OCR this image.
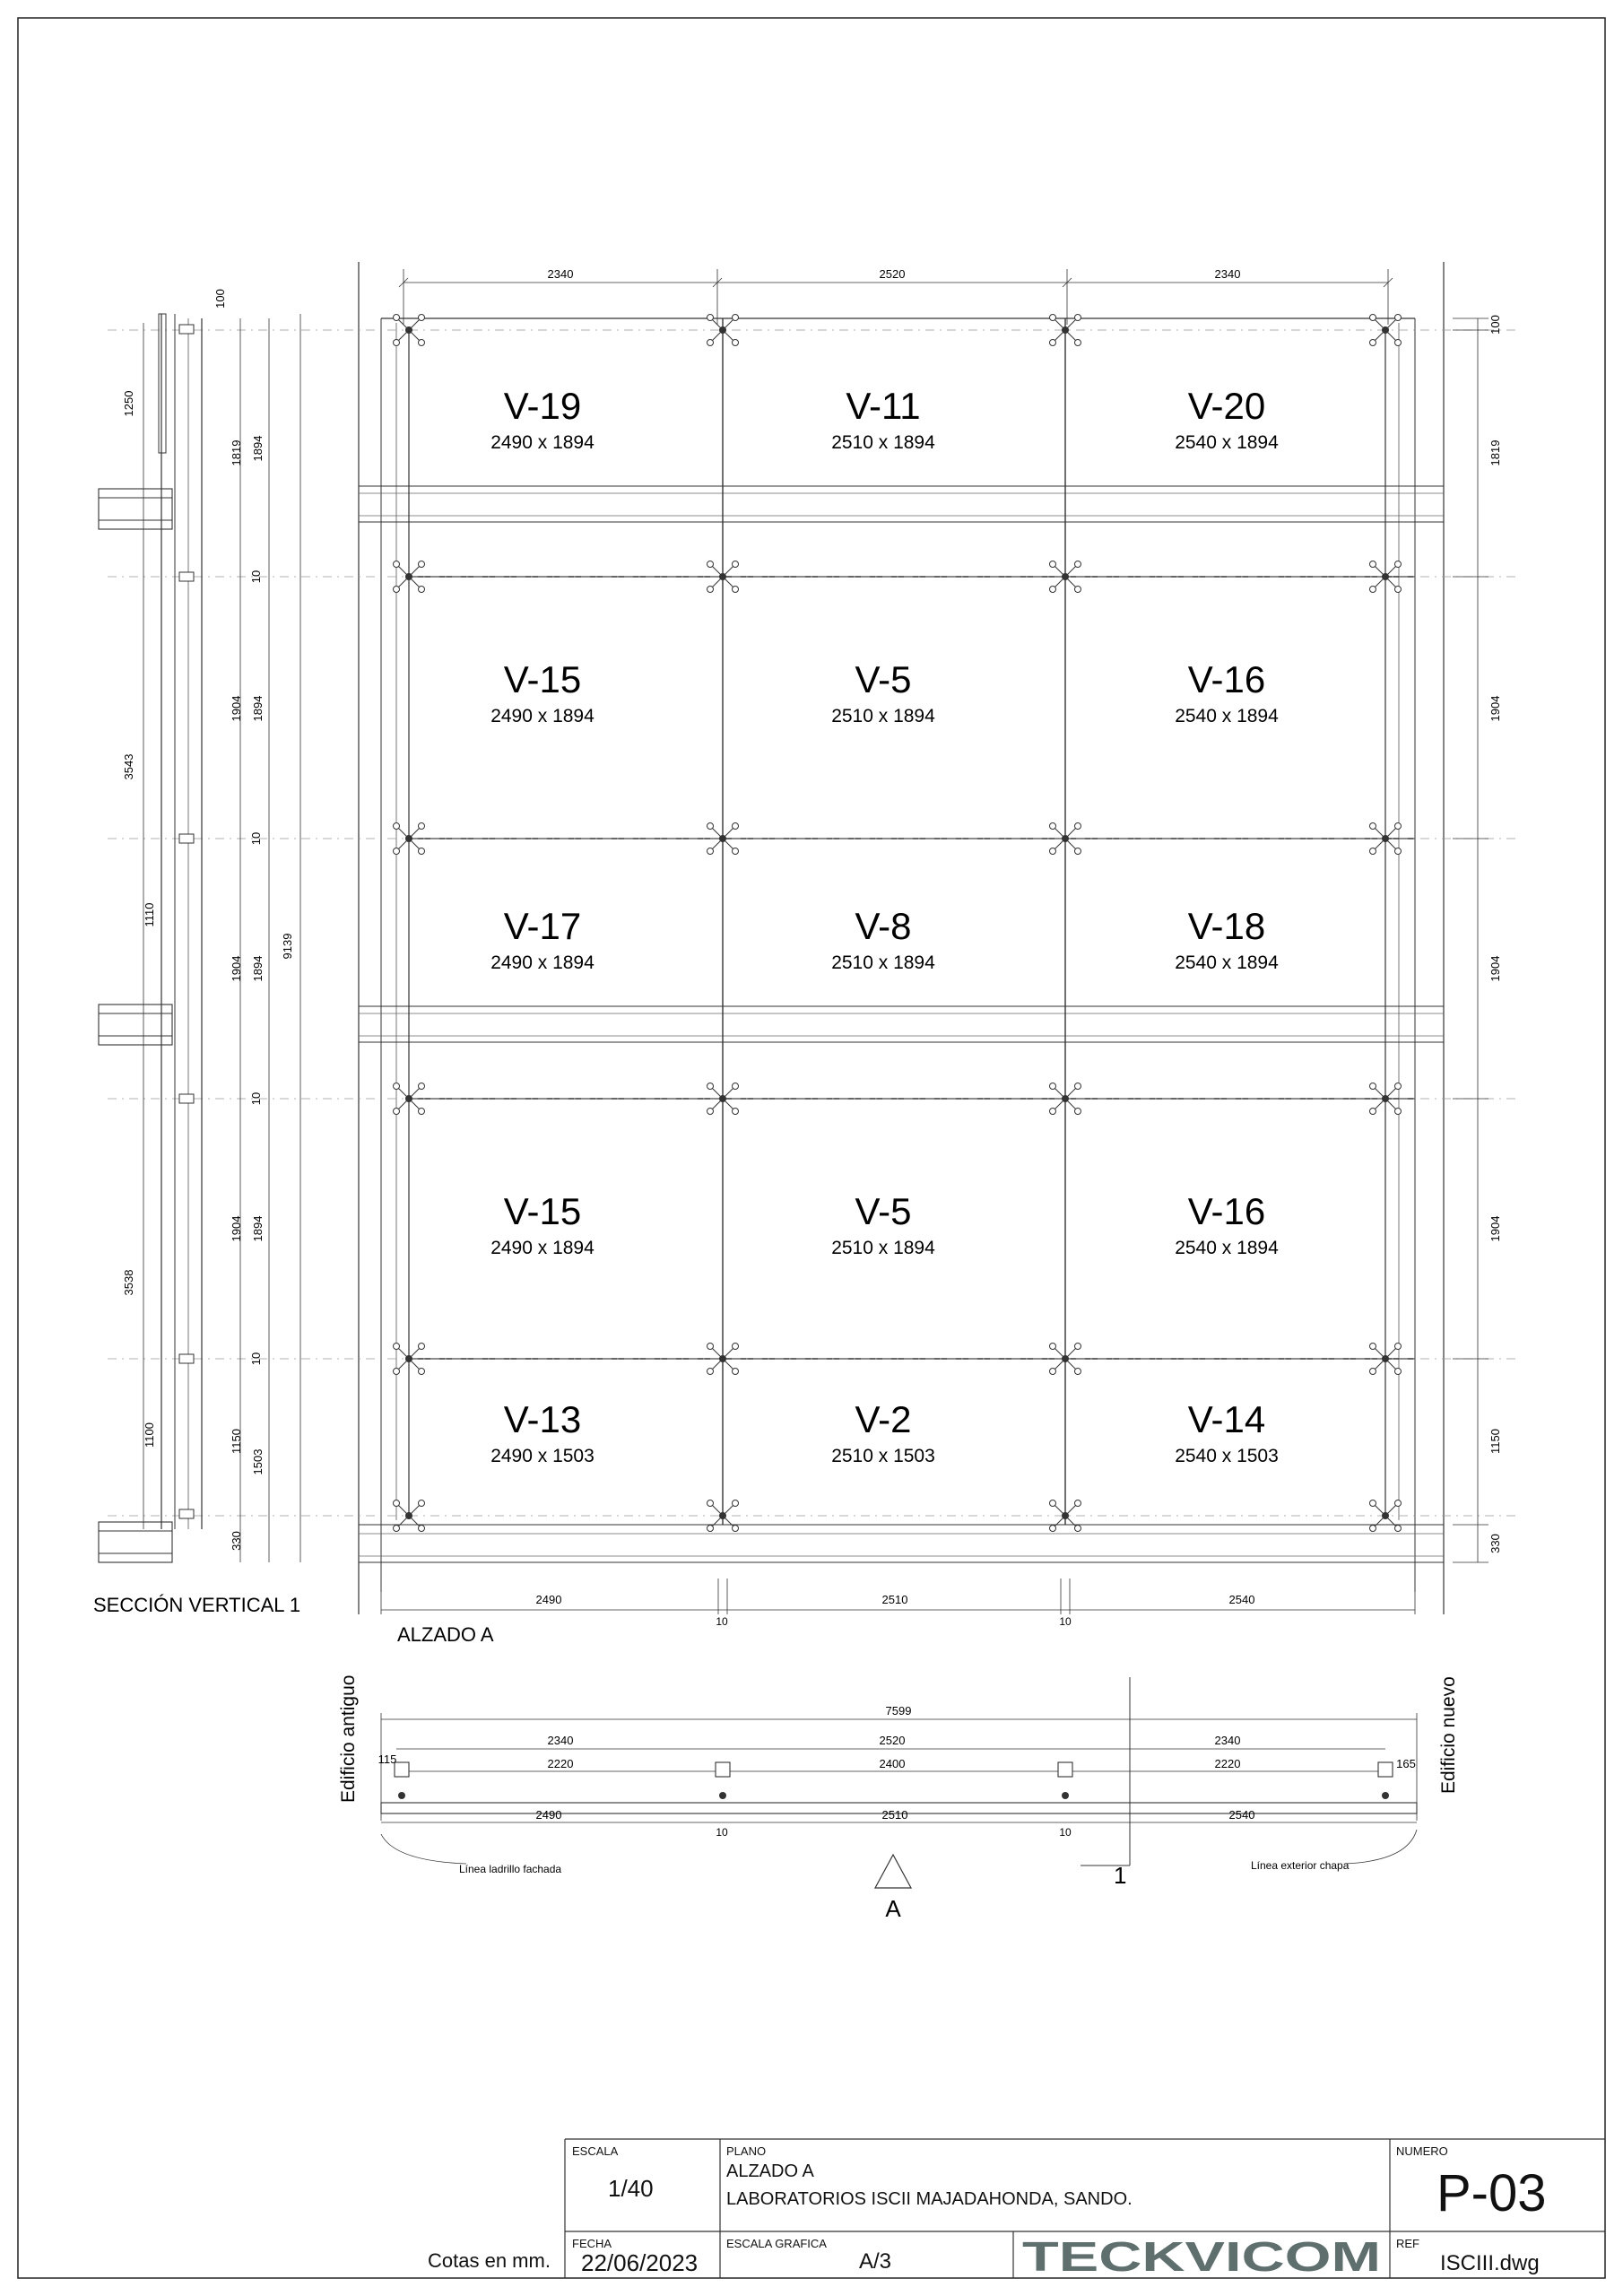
V-19
2490 x 1894
V-11
2510 x 1894
V-20
2540 x 1894
V-15
2490 x 1894
V-5
2510 x 1894
V-16
2540 x 1894
V-17
2490 x 1894
V-8
2510 x 1894
V-18
2540 x 1894
V-15
2490 x 1894
V-5
2510 x 1894
V-16
2540 x 1894
V-13
2490 x 1503
V-2
2510 x 1503
V-14
2540 x 1503
2340	2520	2340
2490	2510	2540
10	10
100
1819
1904
1904
1904
1150
330
ALZADO A
100
1250
3543
1110
3538
1100
1819
10
1904
10
1904
10
1904
10
1150
330
1894
1894
1894
1894
1503
9139
SECCIÓN VERTICAL 1
7599
2340	2520	2340
2220	2400	2220
2490	2510	2540
10	10
115	165
Edificio antiguo	Edificio nuevo
Línea ladrillo fachada	Línea exterior chapa
1
A
TECKVICOM
Cotas en mm.
ESCALA
1/40
PLANO
ALZADO A
LABORATORIOS ISCII MAJADAHONDA, SANDO.
NUMERO
P-03
FECHA
22/06/2023
ESCALA GRAFICA
A/3
REF
ISCIII.dwg
